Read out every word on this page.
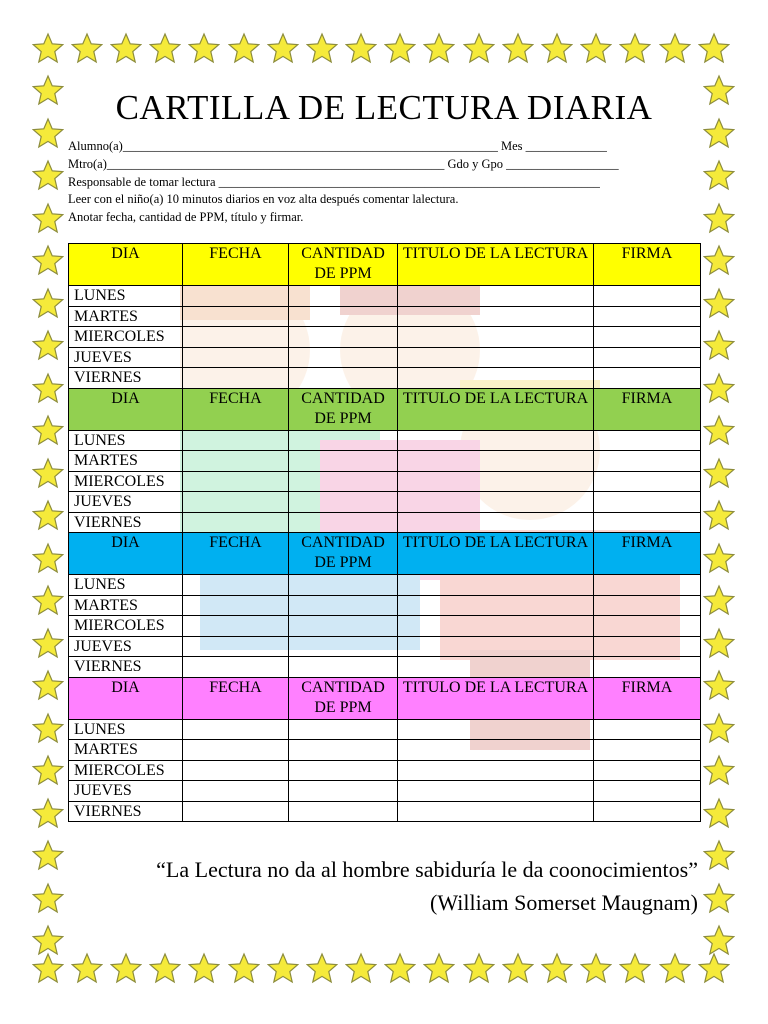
CARTILLA DE LECTURA DIARIA
Alumno(a)____________________________________________________________ Mes _____________
Mtro(a)______________________________________________________ Gdo y Gpo __________________
Responsable de tomar lectura _____________________________________________________________
Leer con el niño(a) 10 minutos diarios en voz alta después comentar lalectura.
Anotar fecha, cantidad de PPM, título y firmar.
DIA	FECHA	CANTIDAD DE PPM	TITULO DE LA LECTURA	FIRMA
LUNES				
MARTES				
MIERCOLES				
JUEVES				
VIERNES				
DIA	FECHA	CANTIDAD DE PPM	TITULO DE LA LECTURA	FIRMA
LUNES				
MARTES				
MIERCOLES				
JUEVES				
VIERNES				
DIA	FECHA	CANTIDAD DE PPM	TITULO DE LA LECTURA	FIRMA
LUNES				
MARTES				
MIERCOLES				
JUEVES				
VIERNES				
DIA	FECHA	CANTIDAD DE PPM	TITULO DE LA LECTURA	FIRMA
LUNES				
MARTES				
MIERCOLES				
JUEVES				
VIERNES				
“La Lectura no da al hombre sabiduría le da coonocimientos”
(William Somerset Maugnam)
